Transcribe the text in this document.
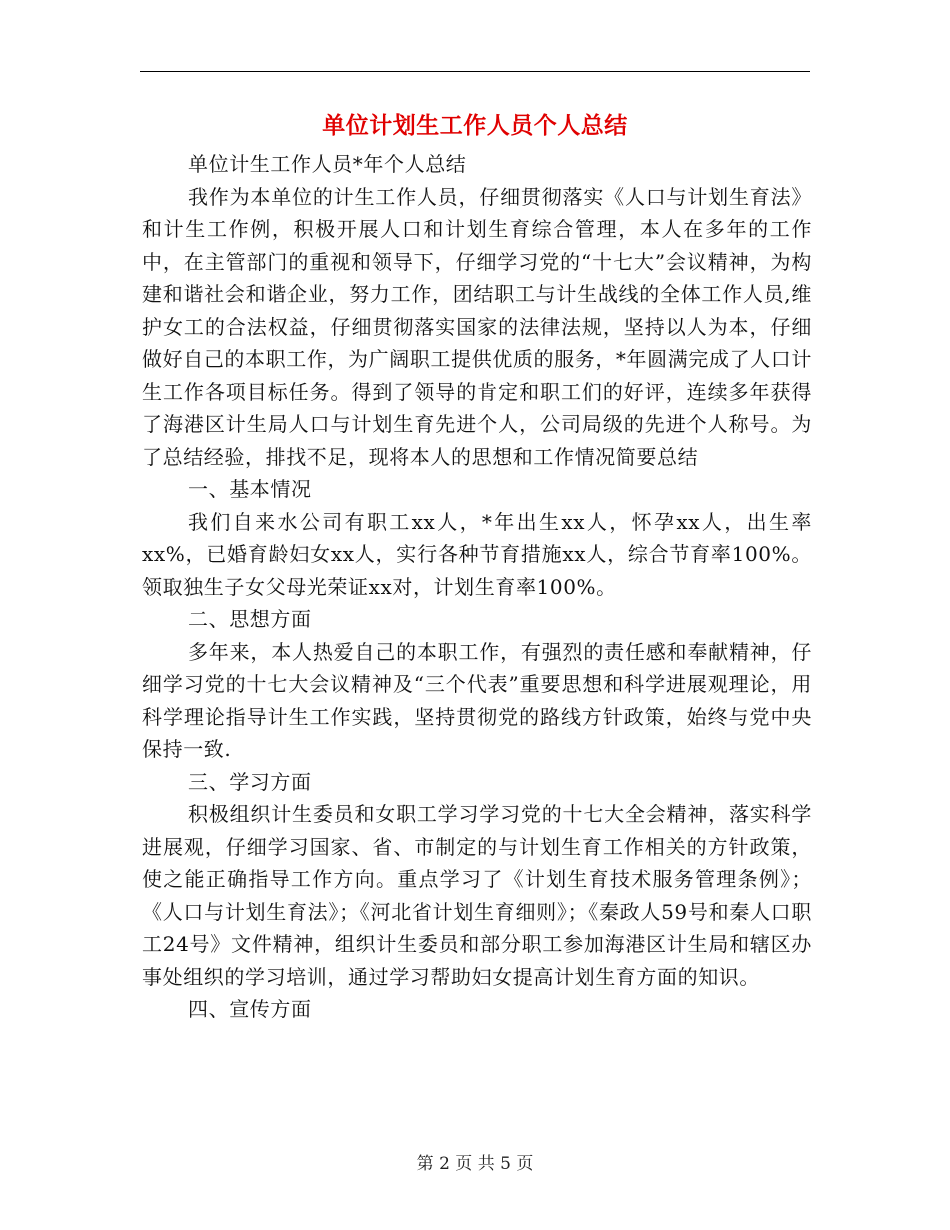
单位计划生工作人员个人总结

单位计生工作人员*年个人总结

我作为本单位的计生工作人员，仔细贯彻落实《人口与计划生育法》和计生工作例，积极开展人口和计划生育综合管理，本人在多年的工作中，在主管部门的重视和领导下，仔细学习党的“十七大”会议精神，为构建和谐社会和谐企业，努力工作，团结职工与计生战线的全体工作人员,维护女工的合法权益，仔细贯彻落实国家的法律法规，坚持以人为本，仔细做好自己的本职工作，为广阔职工提供优质的服务，*年圆满完成了人口计生工作各项目标任务。得到了领导的肯定和职工们的好评，连续多年获得了海港区计生局人口与计划生育先进个人，公司局级的先进个人称号。为了总结经验，排找不足，现将本人的思想和工作情况简要总结

一、基本情况

我们自来水公司有职工xx人，*年出生xx人，怀孕xx人，出生率xx%，已婚育龄妇女xx人，实行各种节育措施xx人，综合节育率100%。领取独生子女父母光荣证xx对，计划生育率100%。

二、思想方面

多年来，本人热爱自己的本职工作，有强烈的责任感和奉献精神，仔细学习党的十七大会议精神及“三个代表”重要思想和科学进展观理论，用科学理论指导计生工作实践，坚持贯彻党的路线方针政策，始终与党中央保持一致.

三、学习方面

积极组织计生委员和女职工学习学习党的十七大全会精神，落实科学进展观，仔细学习国家、省、市制定的与计划生育工作相关的方针政策，使之能正确指导工作方向。重点学习了《计划生育技术服务管理条例》；《人口与计划生育法》；《河北省计划生育细则》；《秦政人59号和秦人口职工24号》文件精神，组织计生委员和部分职工参加海港区计生局和辖区办事处组织的学习培训，通过学习帮助妇女提高计划生育方面的知识。

四、宣传方面

第 2 页 共 5 页
